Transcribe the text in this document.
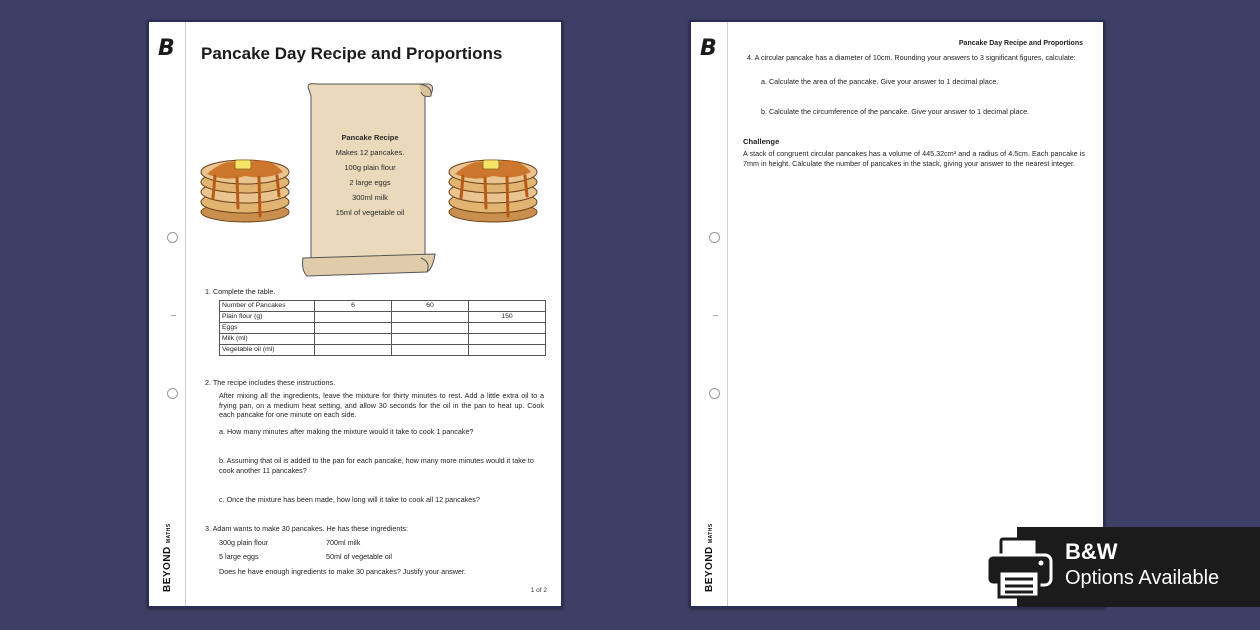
B
BEYONDMATHS
Pancake Day Recipe and Proportions
Pancake Recipe
Makes 12 pancakes.
100g plain flour
2 large eggs
300ml milk
15ml of vegetable oil
1. Complete the table.
Number of Pancakes	6	60	
Plain flour (g)			150
Eggs			
Milk (ml)			
Vegetable oil (ml)			
2. The recipe includes these instructions.
After mixing all the ingredients, leave the mixture for thirty minutes to rest. Add a little extra oil to a frying pan, on a medium heat setting, and allow 30 seconds for the oil in the pan to heat up. Cook each pancake for one minute on each side.
a. How many minutes after making the mixture would it take to cook 1 pancake?
b. Assuming that oil is added to the pan for each pancake, how many more minutes would it take to cook another 11 pancakes?
c. Once the mixture has been made, how long will it take to cook all 12 pancakes?
3. Adam wants to make 30 pancakes. He has these ingredients:
300g plain flour	700ml milk
5 large eggs	50ml of vegetable oil
Does he have enough ingredients to make 30 pancakes? Justify your answer.
1 of 2
B
BEYONDMATHS
Pancake Day Recipe and Proportions
4. A circular pancake has a diameter of 10cm. Rounding your answers to 3 significant figures, calculate:
a. Calculate the area of the pancake. Give your answer to 1 decimal place.
b. Calculate the circumference of the pancake. Give your answer to 1 decimal place.
Challenge
A stack of congruent circular pancakes has a volume of 445.32cm³ and a radius of 4.5cm. Each pancake is 7mm in height. Calculate the number of pancakes in the stack, giving your answer to the nearest integer.
B&W
Options Available
